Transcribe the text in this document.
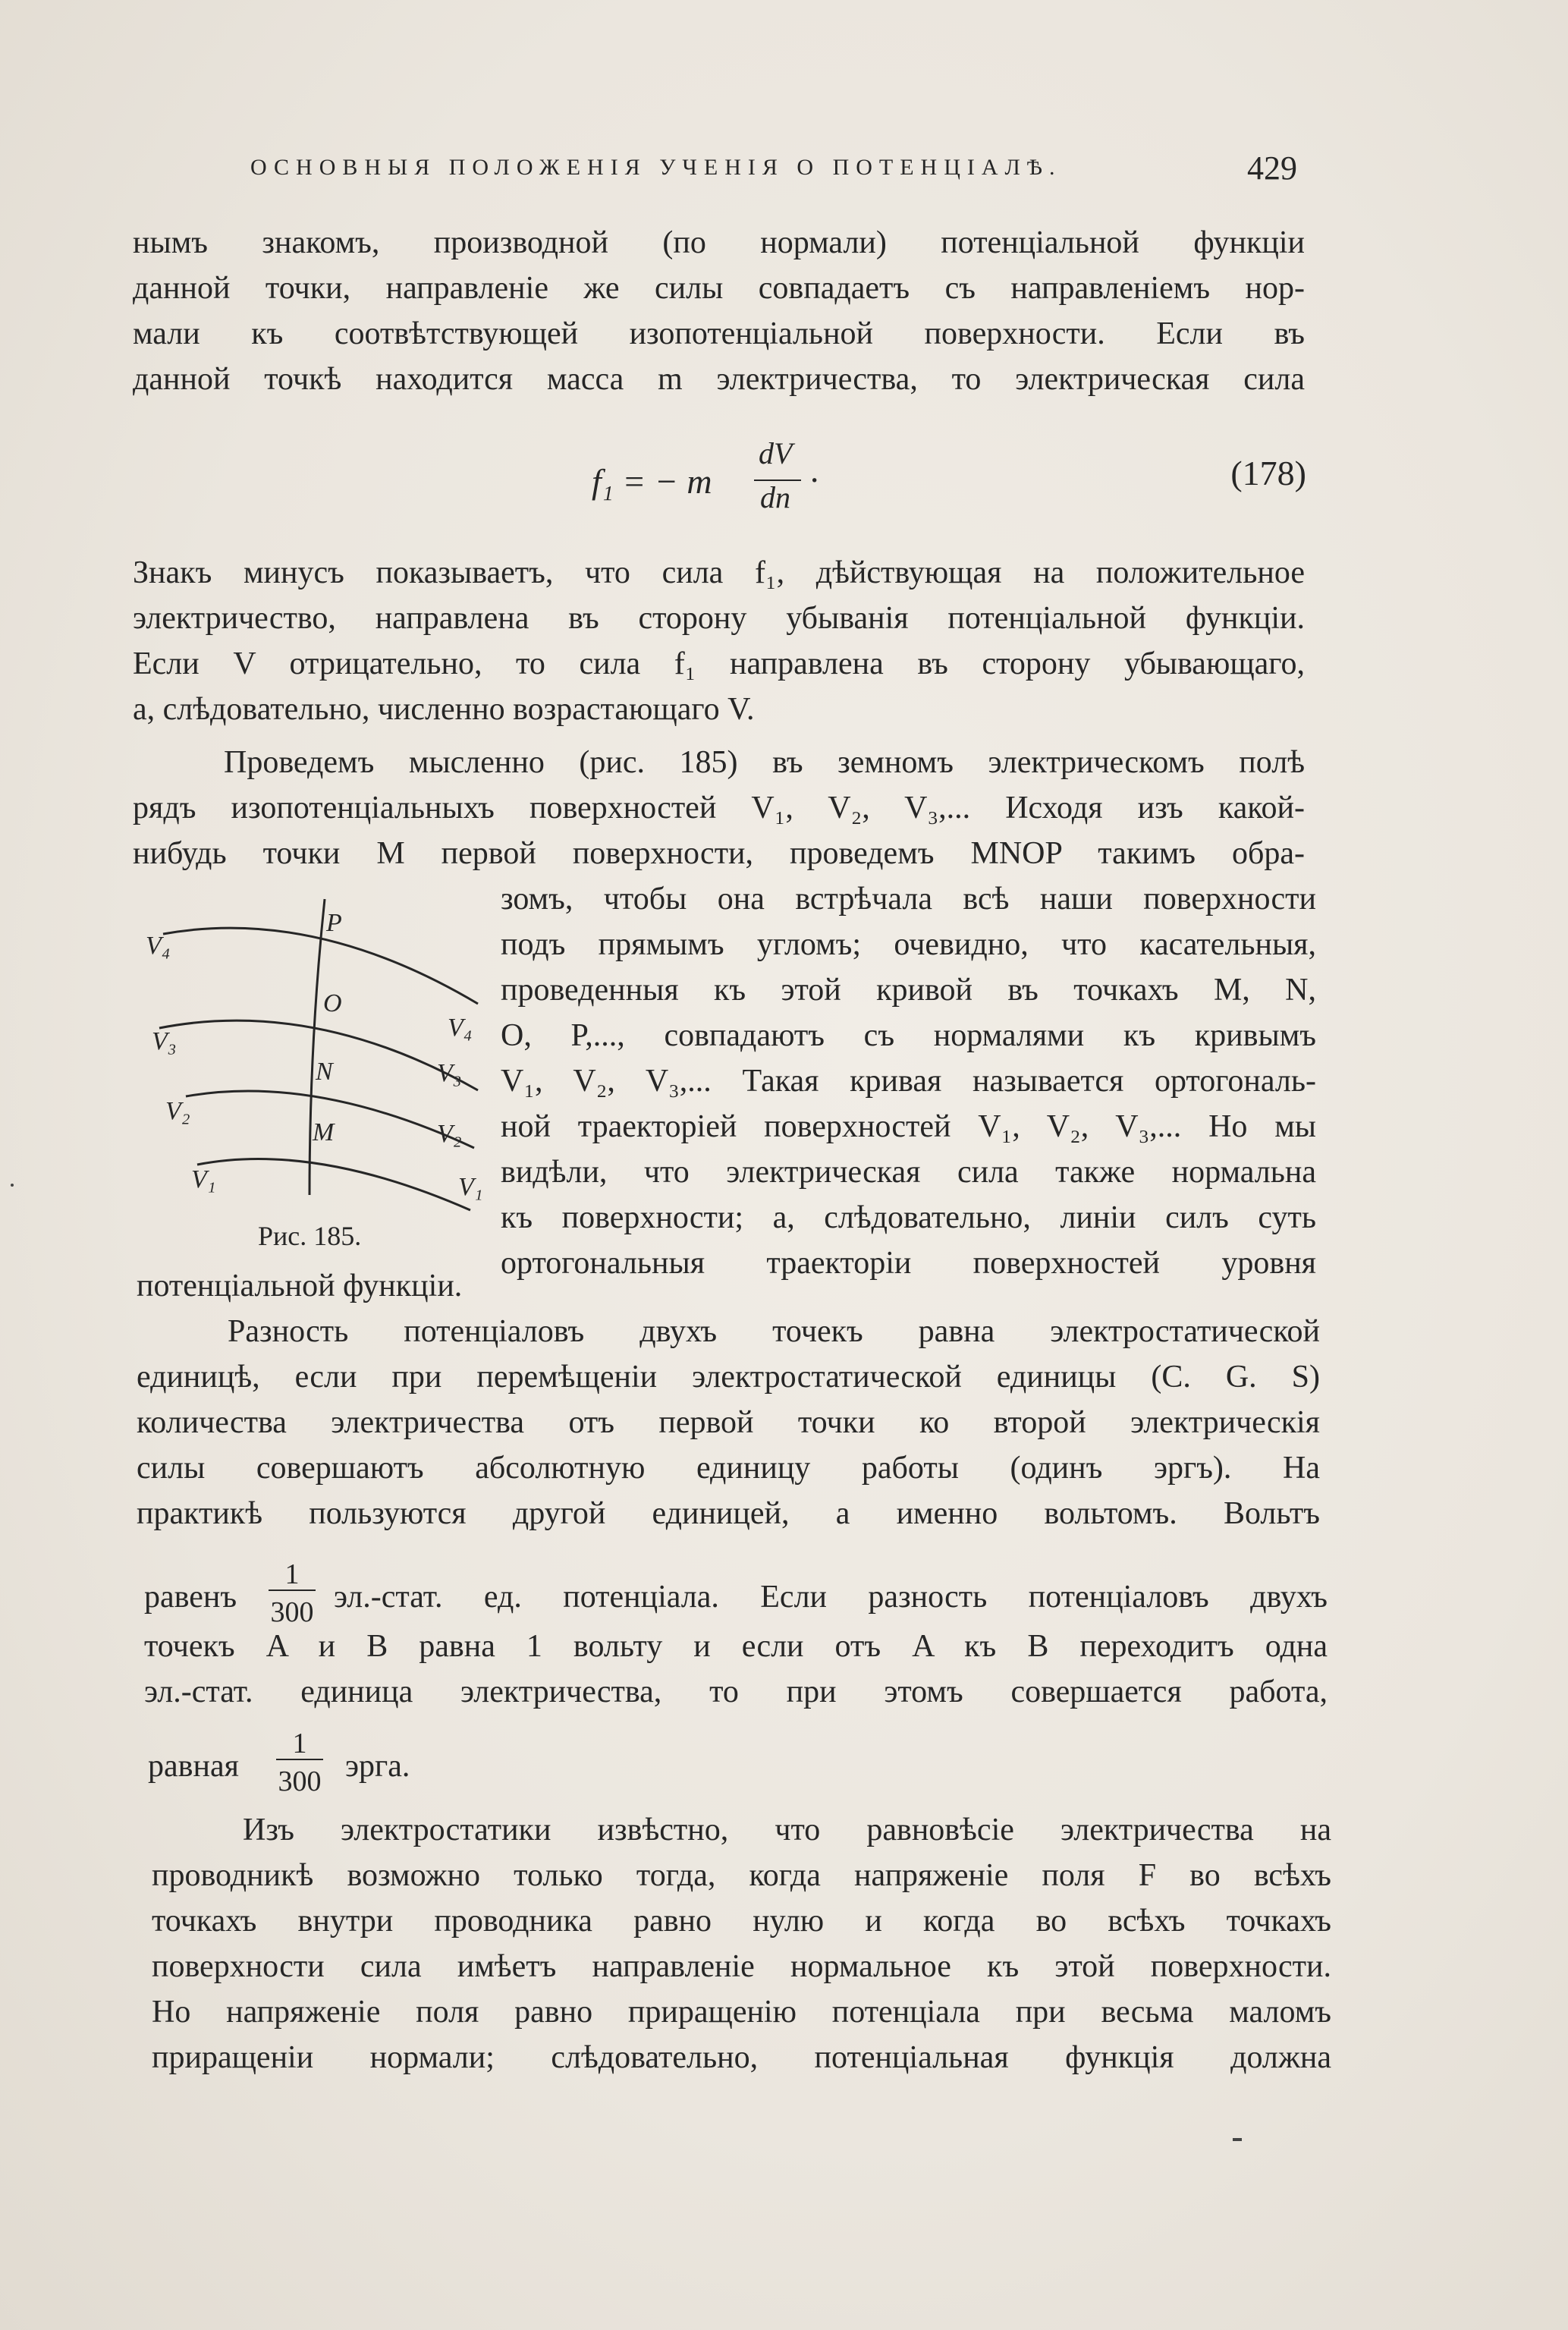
ОСНОВНЫЯ ПОЛОЖЕНІЯ УЧЕНІЯ О ПОТЕНЦІАЛѢ.	429
нымъ знакомъ, производной (по нормали) потенціальной функціи
данной точки, направленіе же силы совпадаетъ съ направленіемъ нор-
мали къ соотвѣтствующей изопотенціальной поверхности. Если въ
данной точкѣ находится масса m электричества, то электрическая сила
f₁ = − m
dV
dn ·	(178)
Знакъ минусъ показываетъ, что сила f₁, дѣйствующая на положительное
электричество, направлена въ сторону убыванія потенціальной функціи.
Если V отрицательно, то сила f₁ направлена въ сторону убывающаго,
а, слѣдовательно, численно возрастающаго V.
Проведемъ мысленно (рис. 185) въ земномъ электрическомъ полѣ
рядъ изопотенціальныхъ поверхностей V₁, V₂, V₃,... Исходя изъ какой-
нибудь точки M первой поверхности, проведемъ MNOP такимъ обра-
зомъ, чтобы она встрѣчала всѣ наши поверхности
подъ прямымъ угломъ; очевидно, что касательныя,
проведенныя къ этой кривой въ точкахъ M, N,
O, P,..., совпадаютъ съ нормалями къ кривымъ
V₁, V₂, V₃,... Такая кривая называется ортогональ-
ной траекторіей поверхностей V₁, V₂, V₃,... Но мы
видѣли, что электрическая сила также нормальна
къ поверхности; а, слѣдовательно, линіи силъ суть
ортогональныя траекторіи поверхностей уровня
потенціальной функціи.
P
O
N
M
V₄
V₃
V₂
V₁
V₄
V₃
V₂
V₁
Рис. 185.
Разность потенціаловъ двухъ точекъ равна электростатической
единицѣ, если при перемѣщеніи электростатической единицы (C. G. S)
количества электричества отъ первой точки ко второй электрическія
силы совершаютъ абсолютную единицу работы (одинъ эргъ). На
практикѣ пользуются другой единицей, а именно вольтомъ. Вольтъ
равенъ
1
300 эл.-стат. ед. потенціала. Если разность потенціаловъ двухъ
точекъ A и B равна 1 вольту и если отъ A къ B переходитъ одна
эл.-стат. единица электричества, то при этомъ совершается работа,
равная
1
300 эрга.
Изъ электростатики извѣстно, что равновѣсіе электричества на
проводникѣ возможно только тогда, когда напряженіе поля F во всѣхъ
точкахъ внутри проводника равно нулю и когда во всѣхъ точкахъ
поверхности сила имѣетъ направленіе нормальное къ этой поверхности.
Но напряженіе поля равно приращенію потенціала при весьма маломъ
приращеніи нормали; слѣдовательно, потенціальная функція должна
